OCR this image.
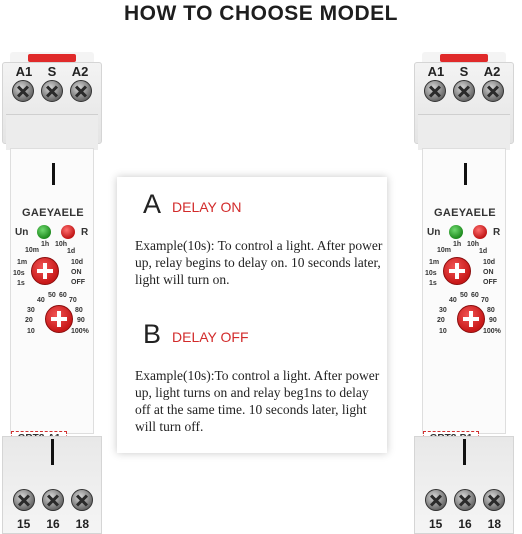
HOW TO CHOOSE MODEL
A1 S A2
GAEYAELE
Un	R
10m
1h 10h
1d
1m	10d
10s	ON
1s	OFF
40
50 60
70
30	80
20	90
10	100%
15 16 18
A1 S A2
GAEYAELE
Un	R
10m
1h 10h
1d
1m	10d
10s	ON
1s	OFF
40
50 60
70
30	80
20	90
10	100%
15 16 18
A DELAY ON
Example(10s): To control a light. After power up, relay begins to delay on. 10 seconds later, light will turn on.
B DELAY OFF
Example(10s):To control a light. After power up, light turns on and relay beg1ns to delay off at the same time. 10 seconds later, light will turn off.
